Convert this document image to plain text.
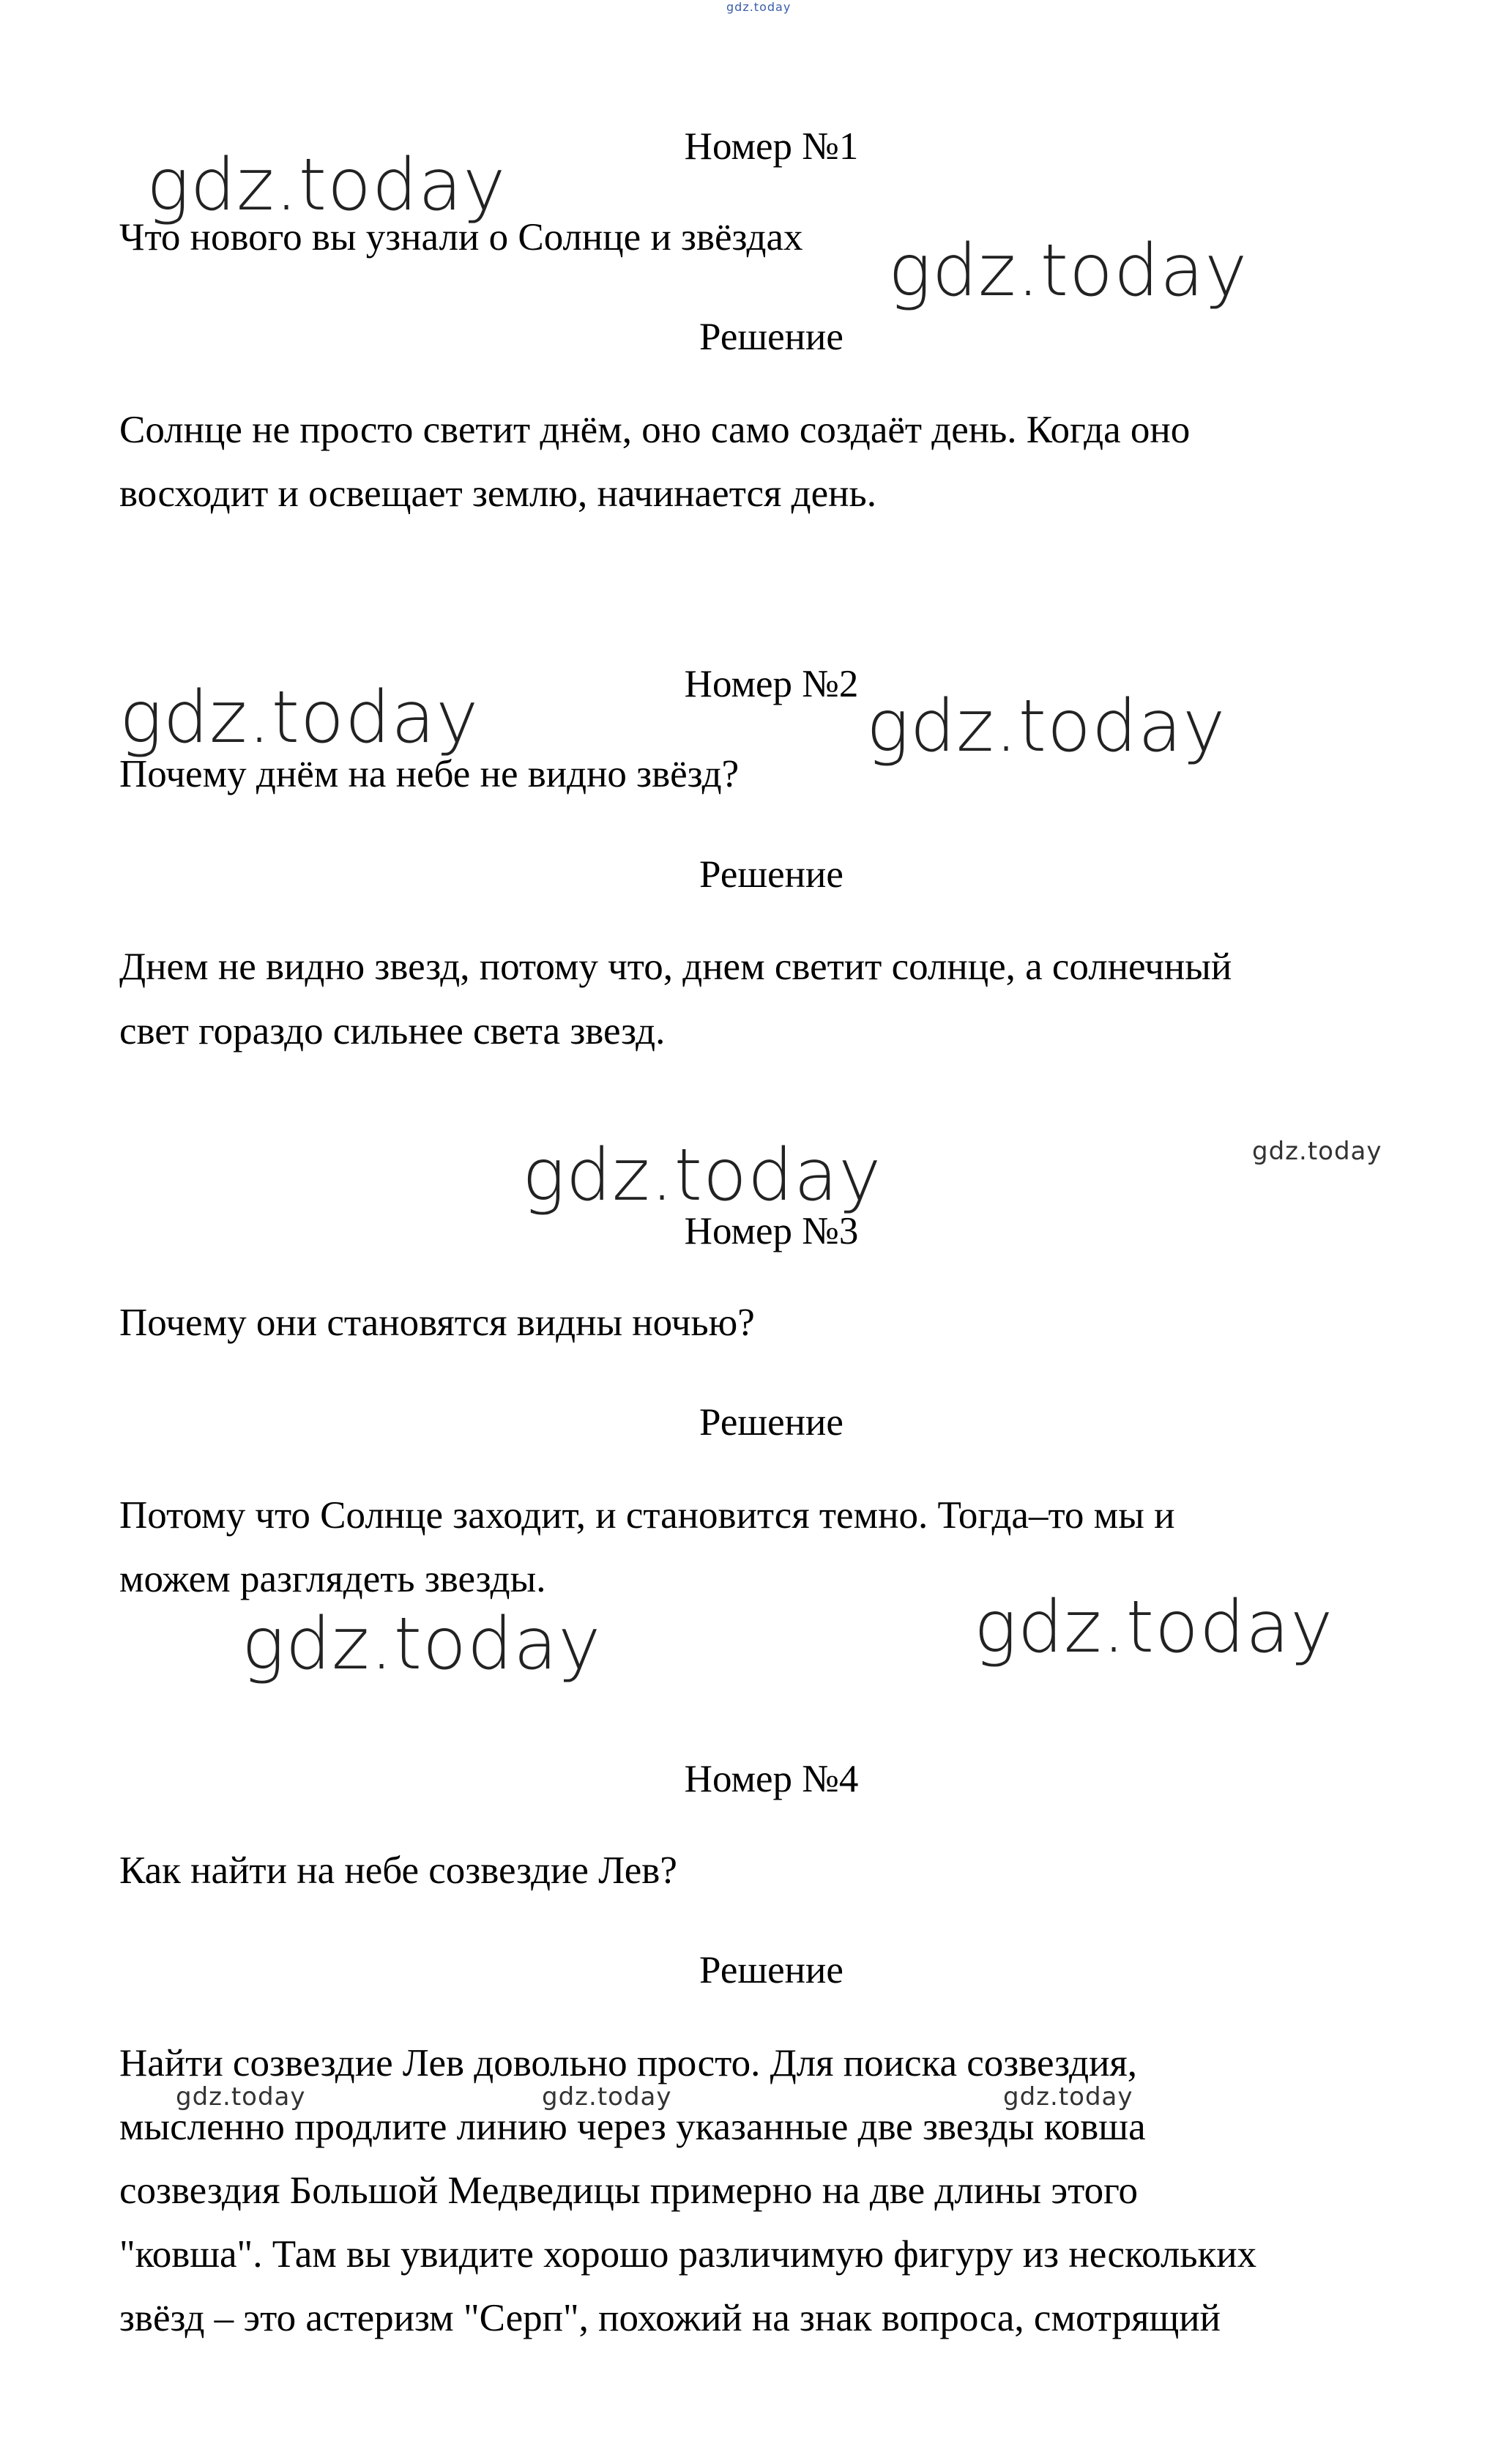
gdz.today
Номер №1
Что нового вы узнали о Солнце и звёздах
Решение
Солнце не просто светит днём, оно само создаёт день. Когда оно
восходит и освещает землю, начинается день.
Номер №2
Почему днём на небе не видно звёзд?
Решение
Днем не видно звезд, потому что, днем светит солнце, а солнечный
свет гораздо сильнее света звезд.
Номер №3
Почему они становятся видны ночью?
Решение
Потому что Солнце заходит, и становится темно. Тогда–то мы и
можем разглядеть звезды.
Номер №4
Как найти на небе созвездие Лев?
Решение
Найти созвездие Лев довольно просто. Для поиска созвездия,
мысленно продлите линию через указанные две звезды ковша
созвездия Большой Медведицы примерно на две длины этого
"ковша". Там вы увидите хорошо различимую фигуру из нескольких
звёзд – это астеризм "Серп", похожий на знак вопроса, смотрящий
gdz.today
gdz.today
gdz.today	gdz.today
gdz.today	gdz.today
gdz.today
gdz.today
gdz.today	gdz.today	gdz.today
